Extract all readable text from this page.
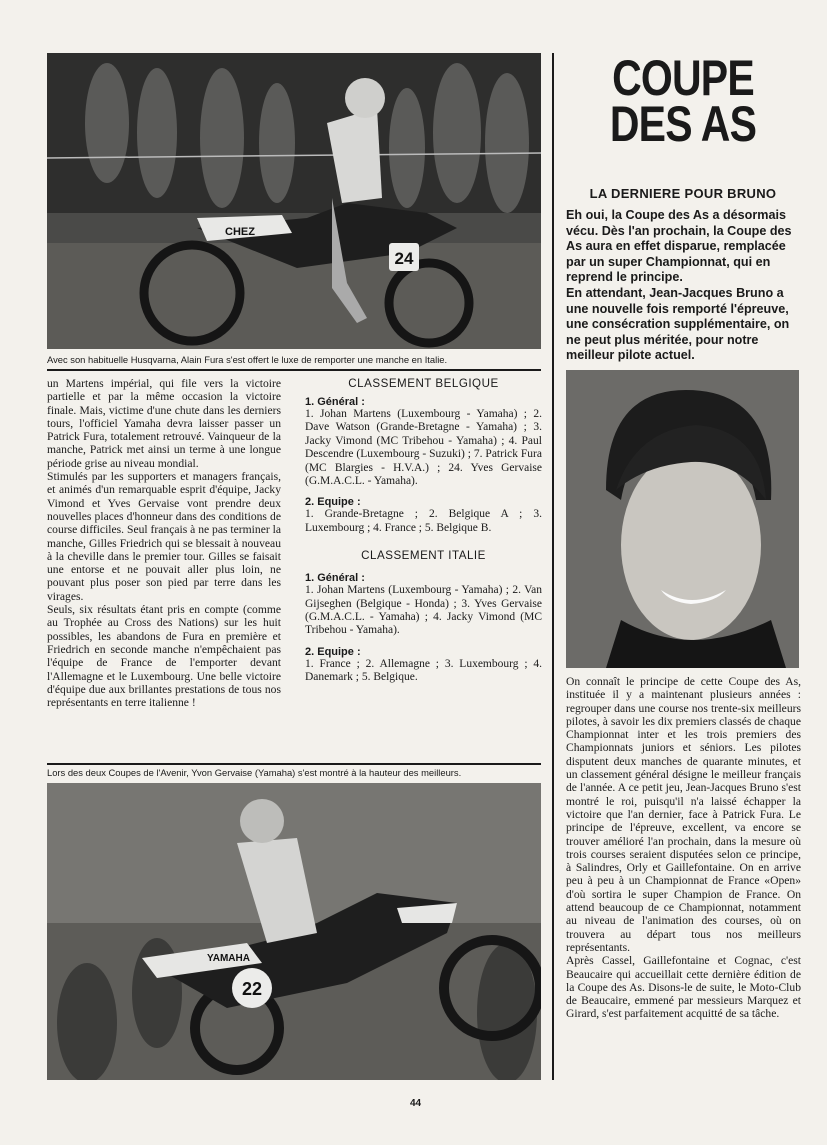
24
CHEZ
Avec son habituelle Husqvarna, Alain Fura s'est offert le luxe de remporter une manche en Italie.

un Martens impérial, qui file vers la victoire partielle et par la même occasion la victoire finale. Mais, victime d'une chute dans les derniers tours, l'officiel Yamaha devra laisser passer un Patrick Fura, totalement retrouvé. Vainqueur de la manche, Patrick met ainsi un terme à une longue période grise au niveau mondial.

Stimulés par les supporters et managers français, et animés d'un remarquable esprit d'équipe, Jacky Vimond et Yves Gervaise vont prendre deux nouvelles places d'honneur dans des conditions de course difficiles. Seul français à ne pas terminer la manche, Gilles Friedrich qui se blessait à nouveau à la cheville dans le premier tour. Gilles se faisait une entorse et ne pouvait aller plus loin, ne pouvant plus poser son pied par terre dans les virages.

Seuls, six résultats étant pris en compte (comme au Trophée au Cross des Nations) sur les huit possibles, les abandons de Fura en première et Friedrich en seconde manche n'empêchaient pas l'équipe de France de l'emporter devant l'Allemagne et le Luxembourg. Une belle victoire d'équipe due aux brillantes prestations de tous nos représentants en terre italienne !

CLASSEMENT BELGIQUE
1. Général :

1. Johan Martens (Luxembourg - Yamaha) ; 2. Dave Watson (Grande-Bretagne - Yamaha) ; 3. Jacky Vimond (MC Tribehou - Yamaha) ; 4. Paul Descendre (Luxembourg - Suzuki) ; 7. Patrick Fura (MC Blargies - H.V.A.) ; 24. Yves Gervaise (G.M.A.C.L. - Yamaha).

2. Equipe :

1. Grande-Bretagne ; 2. Belgique A ; 3. Luxembourg ; 4. France ; 5. Belgique B.

CLASSEMENT ITALIE
1. Général :

1. Johan Martens (Luxembourg - Yamaha) ; 2. Van Gijseghen (Belgique - Honda) ; 3. Yves Gervaise (G.M.A.C.L. - Yamaha) ; 4. Jacky Vimond (MC Tribehou - Yamaha).

2. Equipe :

1. France ; 2. Allemagne ; 3. Luxembourg ; 4. Danemark ; 5. Belgique.

Lors des deux Coupes de l'Avenir, Yvon Gervaise (Yamaha) s'est montré à la hauteur des meilleurs.
22
YAMAHA
COUPE
DES AS
LA DERNIERE POUR BRUNO

Eh oui, la Coupe des As a désormais vécu. Dès l'an prochain, la Coupe des As aura en effet disparue, remplacée par un super Championnat, qui en reprend le principe.

En attendant, Jean-Jacques Bruno a une nouvelle fois remporté l'épreuve, une consécration supplémentaire, on ne peut plus méritée, pour notre meilleur pilote actuel.

On connaît le principe de cette Coupe des As, instituée il y a maintenant plusieurs années : regrouper dans une course nos trente-six meilleurs pilotes, à savoir les dix premiers classés de chaque Championnat inter et les trois premiers des Championnats juniors et séniors. Les pilotes disputent deux manches de quarante minutes, et un classement général désigne le meilleur français de l'année. A ce petit jeu, Jean-Jacques Bruno s'est montré le roi, puisqu'il n'a laissé échapper la victoire que l'an dernier, face à Patrick Fura. Le principe de l'épreuve, excellent, va encore se trouver amélioré l'an prochain, dans la mesure où trois courses seraient disputées selon ce principe, à Salindres, Orly et Gaillefontaine. On en arrive peu à peu à un Championnat de France «Open» d'où sortira le super Champion de France. On attend beaucoup de ce Championnat, notamment au niveau de l'animation des courses, où on trouvera au départ tous nos meilleurs représentants.

Après Cassel, Gaillefontaine et Cognac, c'est Beaucaire qui accueillait cette dernière édition de la Coupe des As. Disons-le de suite, le Moto-Club de Beaucaire, emmené par messieurs Marquez et Girard, s'est parfaitement acquitté de sa tâche.

44
